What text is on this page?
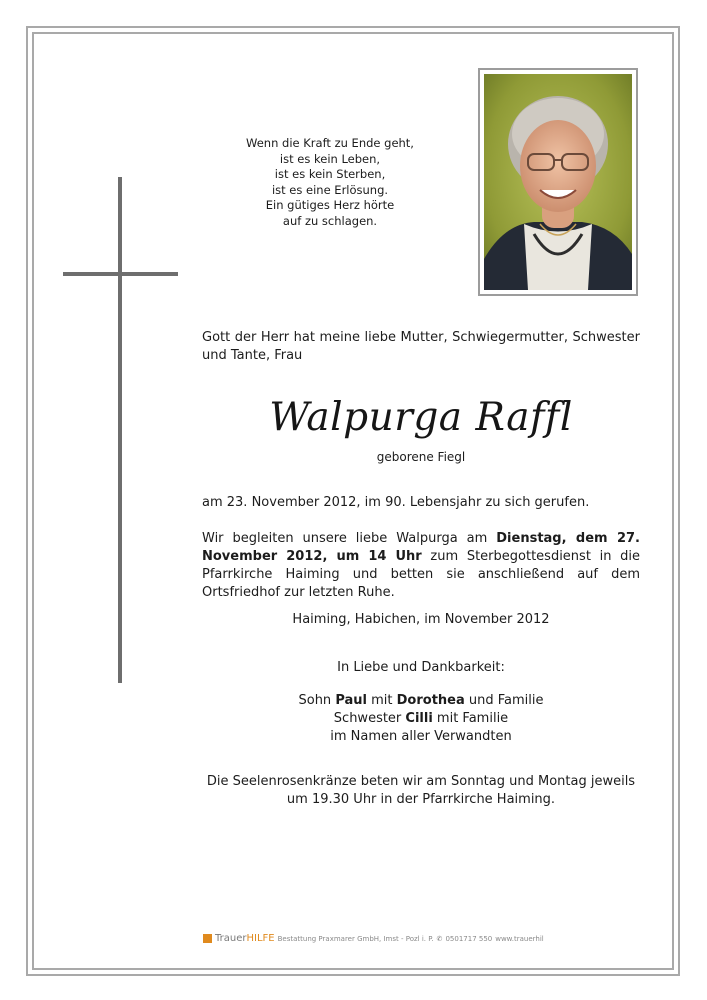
Wenn die Kraft zu Ende geht,
ist es kein Leben,
ist es kein Sterben,
ist es eine Erlösung.
Ein gütiges Herz hörte
auf zu schlagen.
Gott der Herr hat meine liebe Mutter, Schwiegermutter, Schwester und Tante, Frau
Walpurga Raffl
geborene Fiegl
am 23. November 2012, im 90. Lebensjahr zu sich gerufen.
Wir begleiten unsere liebe Walpurga am Dienstag, dem 27. November 2012, um 14 Uhr zum Sterbegottesdienst in die Pfarrkirche Haiming und betten sie anschließend auf dem Ortsfriedhof zur letzten Ruhe.
Haiming, Habichen, im November 2012
In Liebe und Dankbarkeit:
Sohn Paul mit Dorothea und Familie
Schwester Cilli mit Familie
im Namen aller Verwandten
Die Seelenrosenkränze beten wir am Sonntag und Montag jeweils
um 19.30 Uhr in der Pfarrkirche Haiming.
TrauerHILFE Bestattung Praxmarer GmbH, Imst - Pozl i. P. ✆ 0501717 550 www.trauerhil
